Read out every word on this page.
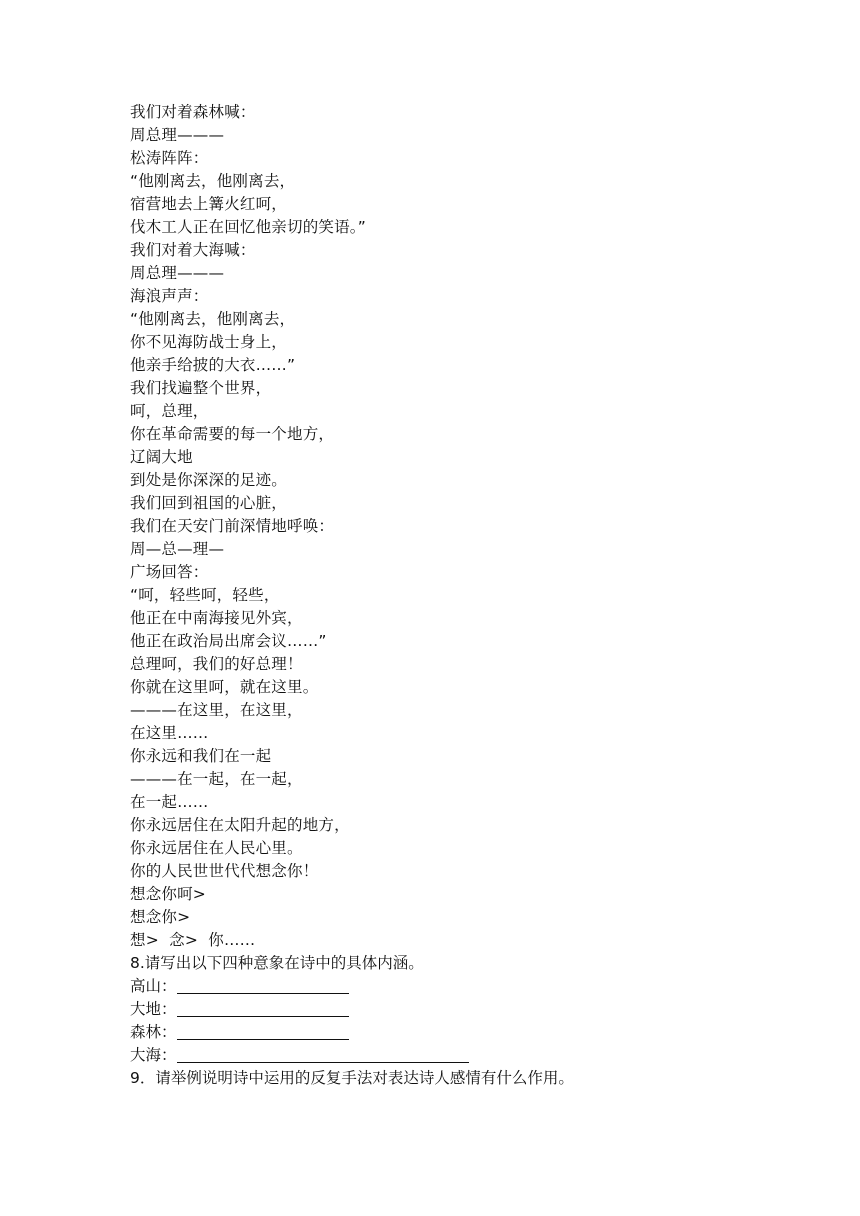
我们对着森林喊：
周总理———
松涛阵阵：
“他刚离去，他刚离去，
宿营地去上篝火红呵，
伐木工人正在回忆他亲切的笑语。”
我们对着大海喊：
周总理———
海浪声声：
“他刚离去，他刚离去，
你不见海防战士身上，
他亲手给披的大衣……”
我们找遍整个世界，
呵，总理，
你在革命需要的每一个地方，
辽阔大地
到处是你深深的足迹。
我们回到祖国的心脏，
我们在天安门前深情地呼唤：
周—总—理—
广场回答：
“呵，轻些呵，轻些，
他正在中南海接见外宾，
他正在政治局出席会议……”
总理呵，我们的好总理！
你就在这里呵，就在这里。
———在这里，在这里，
在这里……
你永远和我们在一起
———在一起，在一起，
在一起……
你永远居住在太阳升起的地方，
你永远居住在人民心里。
你的人民世世代代想念你！
想念你呵>
想念你>
想>  念>  你……
8.请写出以下四种意象在诗中的具体内涵。
高山：
大地：
森林：
大海：
9．请举例说明诗中运用的反复手法对表达诗人感情有什么作用。
